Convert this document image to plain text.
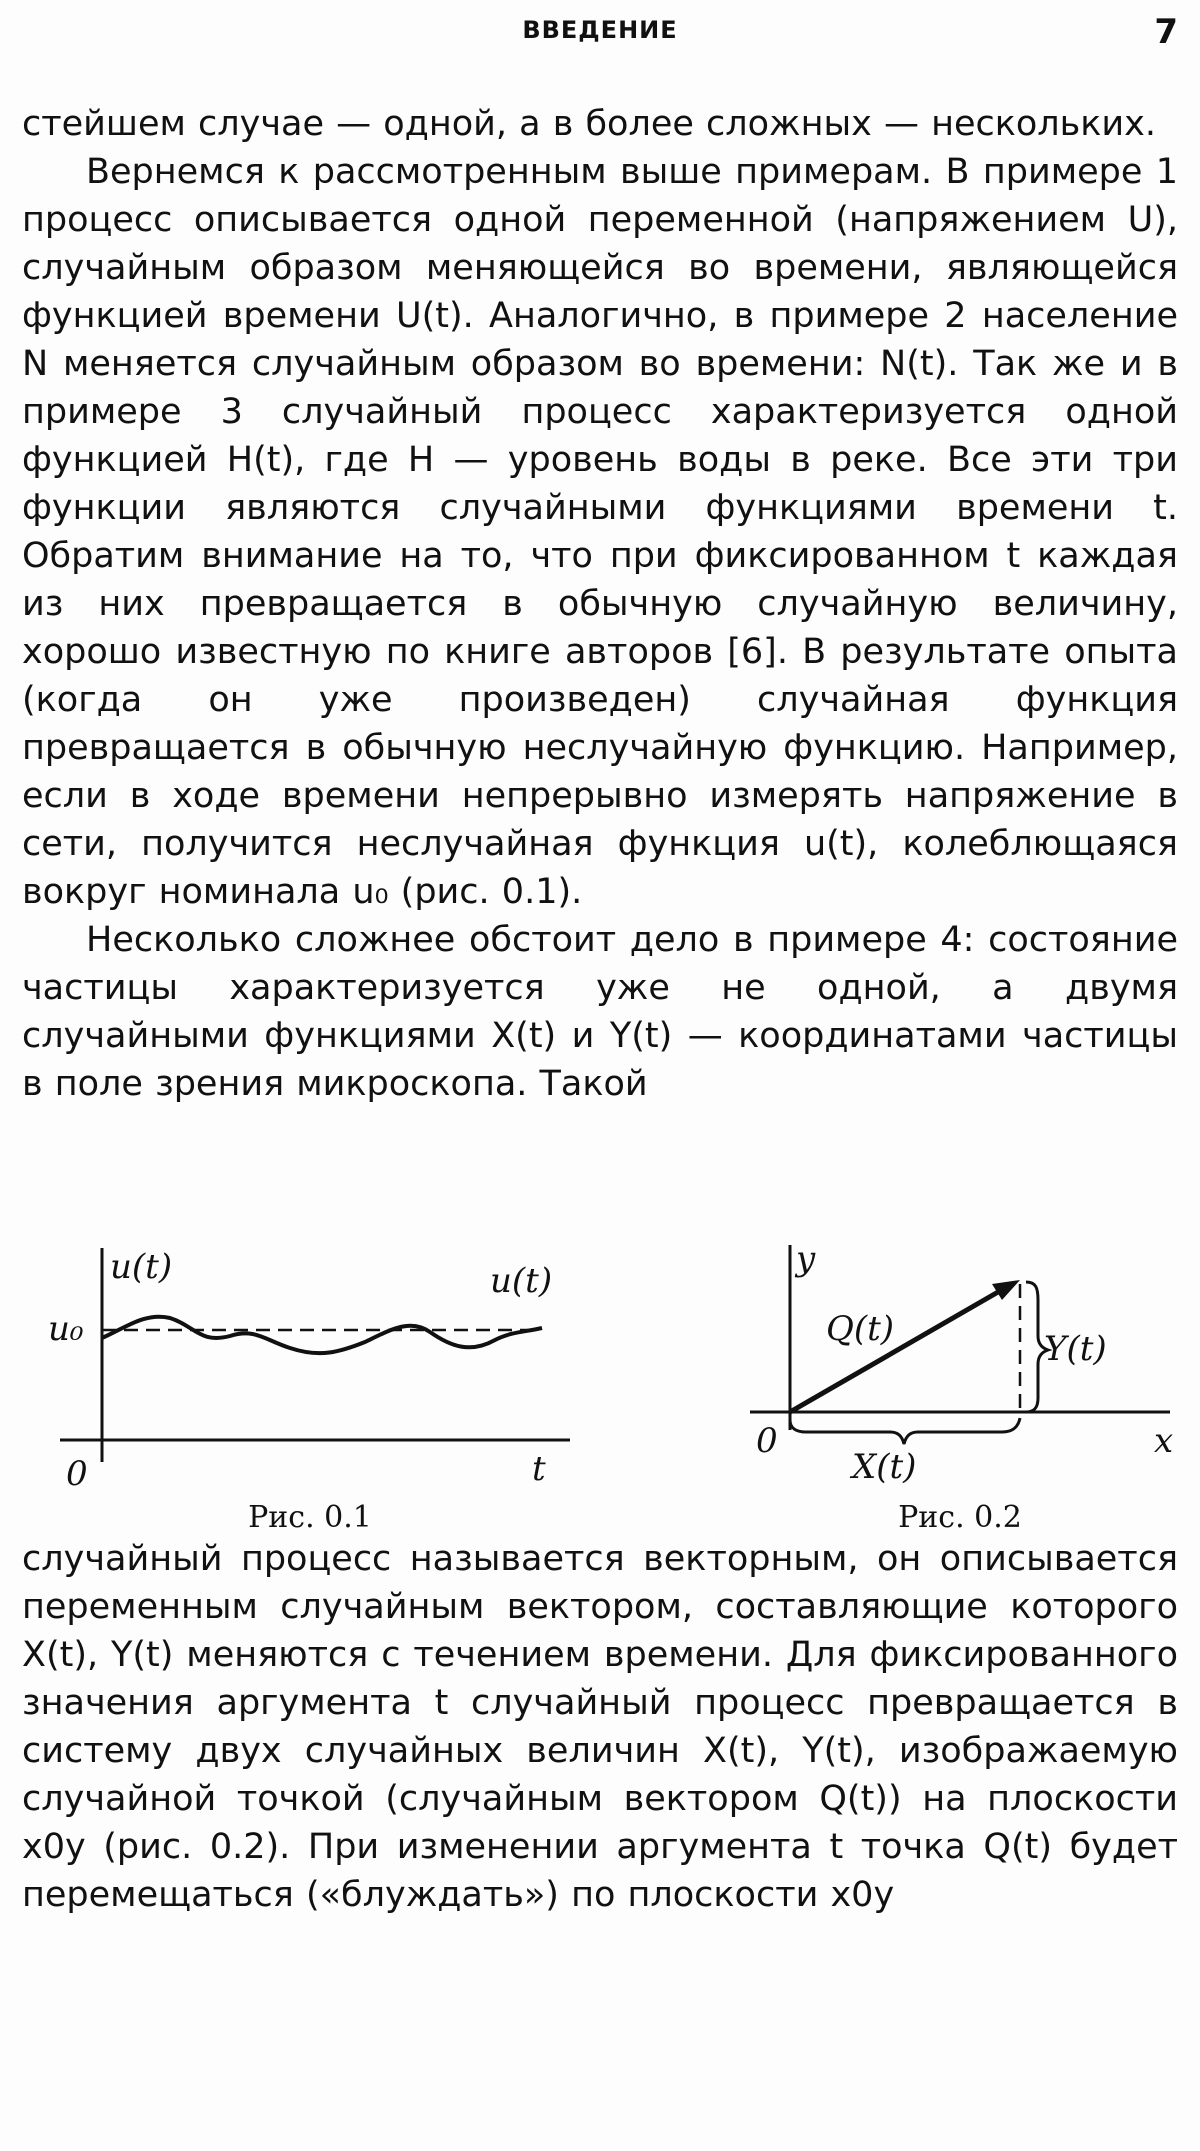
ВВЕДЕНИЕ	7

стейшем случае — одной, а в более сложных — нескольких.

Вернемся к рассмотренным выше примерам. В примере 1 процесс описывается одной переменной (напряжением U), случайным образом меняющейся во времени, являющейся функцией времени U(t). Аналогично, в примере 2 население N меняется случайным образом во времени: N(t). Так же и в примере 3 случайный процесс характеризуется одной функцией H(t), где H — уровень воды в реке. Все эти три функции являются случайными функциями времени t. Обратим внимание на то, что при фиксированном t каждая из них превращается в обычную случайную величину, хорошо известную по книге авторов [6]. В результате опыта (когда он уже произведен) случайная функция превращается в обычную неслучайную функцию. Например, если в ходе времени непрерывно измерять напряжение в сети, получится неслучайная функция u(t), колеблющаяся вокруг номинала u₀ (рис. 0.1).

Несколько сложнее обстоит дело в примере 4: состояние частицы характеризуется уже не одной, а двумя случайными функциями X(t) и Y(t) — координатами частицы в поле зрения микроскопа. Такой

u(t)	u(t)
u₀
0	t
Рис. 0.1
y
x
0
Q(t)	Y(t)
X(t)
Рис. 0.2

случайный процесс называется векторным, он описывается переменным случайным вектором, составляющие которого X(t), Y(t) меняются с течением времени. Для фиксированного значения аргумента t случайный процесс превращается в систему двух случайных величин X(t), Y(t), изображаемую случайной точкой (случайным вектором Q(t)) на плоскости x0y (рис. 0.2). При изменении аргумента t точка Q(t) будет перемещаться («блуждать») по плоскости x0y
